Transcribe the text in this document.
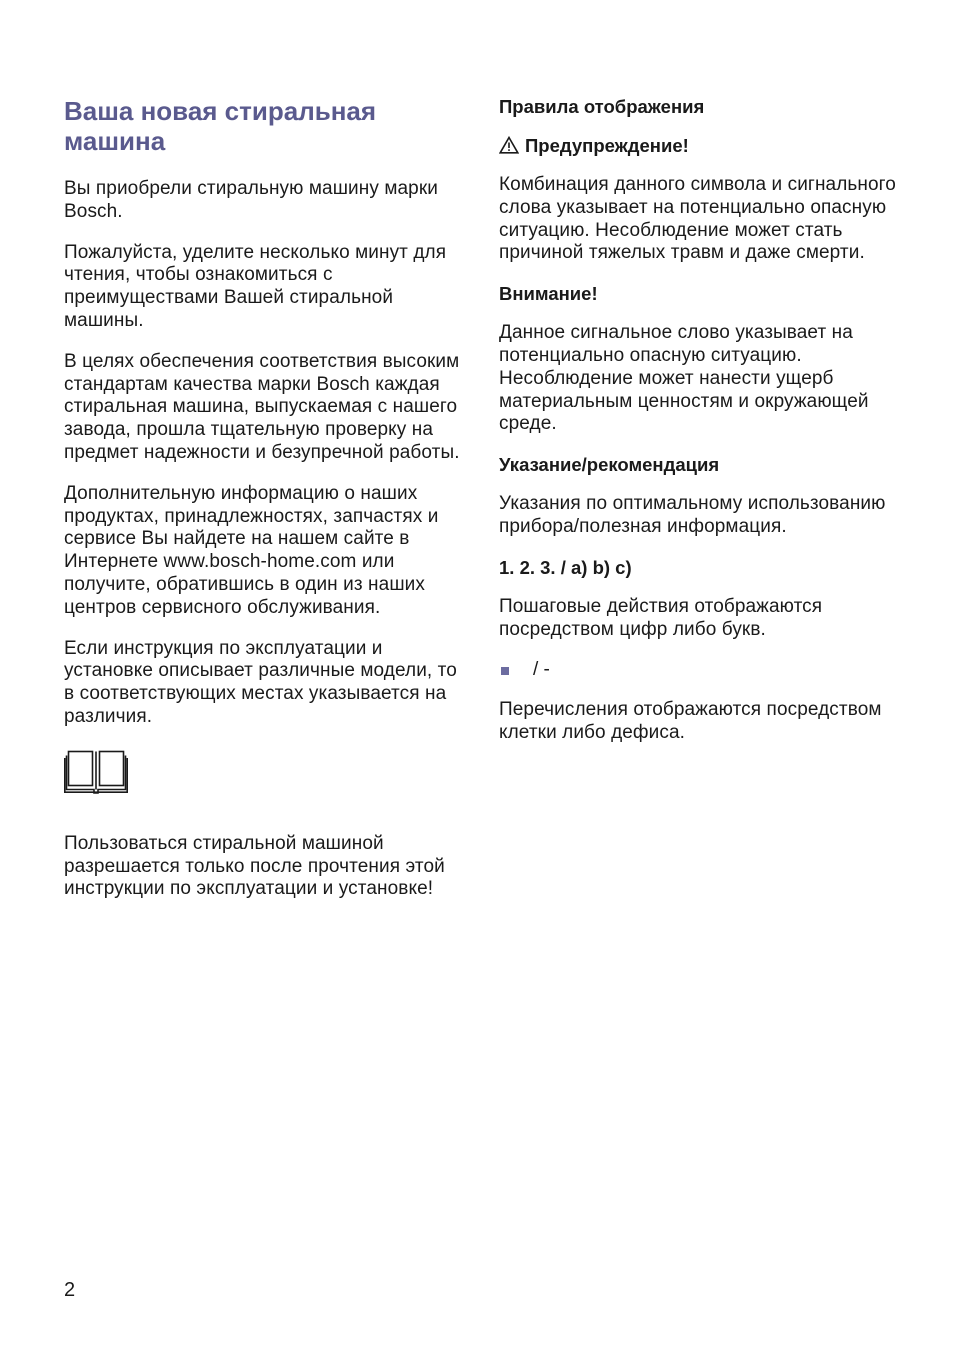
Ваша новая стиральная машина

Вы приобрели стиральную машину марки Bosch.

Пожалуйста, уделите несколько минут для чтения, чтобы ознакомиться с преимуществами Вашей стиральной машины.

В целях обеспечения соответствия высоким стандартам качества марки Bosch каждая стиральная машина, выпускаемая с нашего завода, прошла тщательную проверку на предмет надежности и безупречной работы.

Дополнительную информацию о наших продуктах, принадлежностях, запчастях и сервисе Вы найдете на нашем сайте в Интернете www.bosch-home.com или получите, обратившись в один из наших центров сервисного обслуживания.

Если инструкция по эксплуатации и установке описывает различные модели, то в соответствующих местах указывается на различия.

Пользоваться стиральной машиной разрешается только после прочтения этой инструкции по эксплуатации и установке!

Правила отображения
Предупреждение!

Комбинация данного символа и сигнального слова указывает на потенциально опасную ситуацию. Несоблюдение может стать причиной тяжелых травм и даже смерти.

Внимание!

Данное сигнальное слово указывает на потенциально опасную ситуацию. Несоблюдение может нанести ущерб материальным ценностям и окружающей среде.

Указание/рекомендация

Указания по оптимальному использованию прибора/полезная информация.

1. 2. 3. / a) b) c)

Пошаговые действия отображаются посредством цифр либо букв.

/ -

Перечисления отображаются посредством клетки либо дефиса.

2
